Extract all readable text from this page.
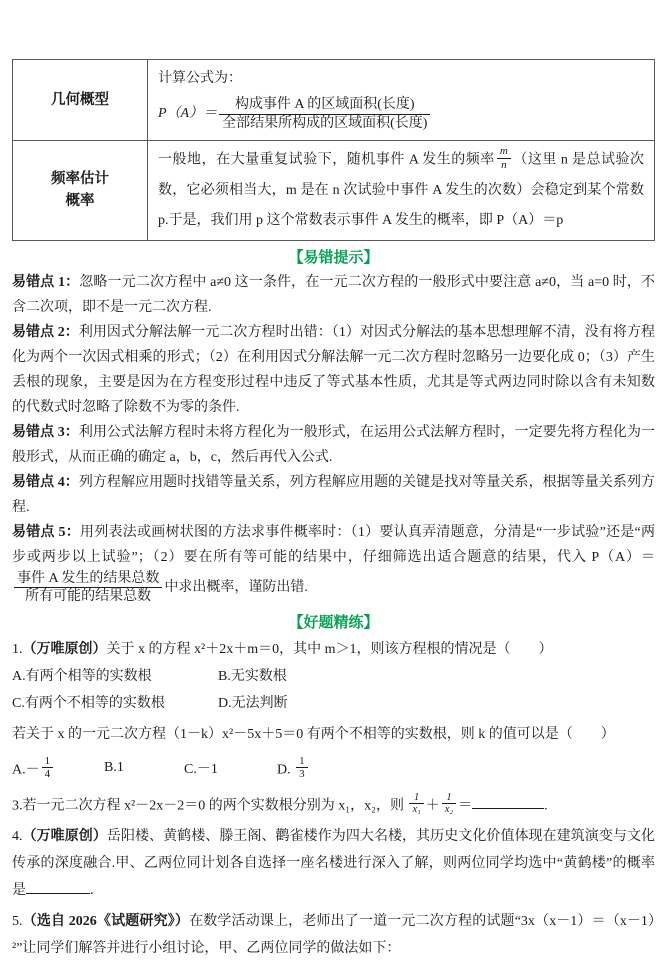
几何概型	计算公式为：
$P(A)= \frac{\text{构成事件 A 的区域面积(长度)}}{\text{全部结果所构成的区域面积(长度)}}$

频率估计
概率
	一般地，在大量重复试验下，随机事件 A 发生的频率 $\frac{m}{n}$ （这里 n 是总试验次数，它必须相当大，m 是在 n 次试验中事件 A 发生的次数）会稳定到某个常数 p.于是，我们用 p 这个常数表示事件 A 发生的概率，即 P（A）＝p
【易错提示】

易错点 1：忽略一元二次方程中 a≠0 这一条件，在一元二次方程的一般形式中要注意 a≠0，当 a=0 时，不含二次项，即不是一元二次方程.

易错点 2：利用因式分解法解一元二次方程时出错：（1）对因式分解法的基本思想理解不清，没有将方程化为两个一次因式相乘的形式；（2）在利用因式分解法解一元二次方程时忽略另一边要化成 0；（3）产生丢根的现象，主要是因为在方程变形过程中违反了等式基本性质，尤其是等式两边同时除以含有未知数的代数式时忽略了除数不为零的条件.

易错点 3：利用公式法解方程时未将方程化为一般形式，在运用公式法解方程时，一定要先将方程化为一般形式，从而正确的确定 a，b，c，然后再代入公式.

易错点 4：列方程解应用题时找错等量关系，列方程解应用题的关键是找对等量关系，根据等量关系列方程.

易错点 5：用列表法或画树状图的方法求事件概率时：（1）要认真弄清题意，分清是“一步试验”还是“两步或两步以上试验”；（2）要在所有等可能的结果中，仔细筛选出适合题意的结果，代入 P（A）＝
$\frac{\text{事件 A 发生的结果总数}}{\text{所有可能的结果总数}}$ 中求出概率，谨防出错.

【好题精练】

1.（万唯原创）关于 x 的方程 x²＋2x＋m＝0，其中 m＞1，则该方程根的情况是（　　）

A.有两个相等的实数根	B.无实数根
C.有两个不相等的实数根	D.无法判断

若关于 x 的一元二次方程（1－k）x²－5x＋5＝0 有两个不相等的实数根，则 k 的值可以是（　　）

$A.- \frac{1}{4}$	B.1	C.－1	D. $\frac{1}{3}$

3.若一元二次方程 x²－2x－2＝0 的两个实数根分别为 x₁，x₂，则 $\frac{1}{\text{x₁}} + \frac{1}{\text{x₂}}$ ＝	.

4.（万唯原创）岳阳楼、黄鹤楼、滕王阁、鹳雀楼作为四大名楼，其历史文化价值体现在建筑演变与文化传承的深度融合.甲、乙两位同计划各自选择一座名楼进行深入了解，则两位同学均选中“黄鹤楼”的概率是	.

5.（选自 2026《试题研究》）在数学活动课上，老师出了一道一元二次方程的试题“3x（x－1）＝（x－1）²”让同学们解答并进行小组讨论，甲、乙两位同学的做法如下：
